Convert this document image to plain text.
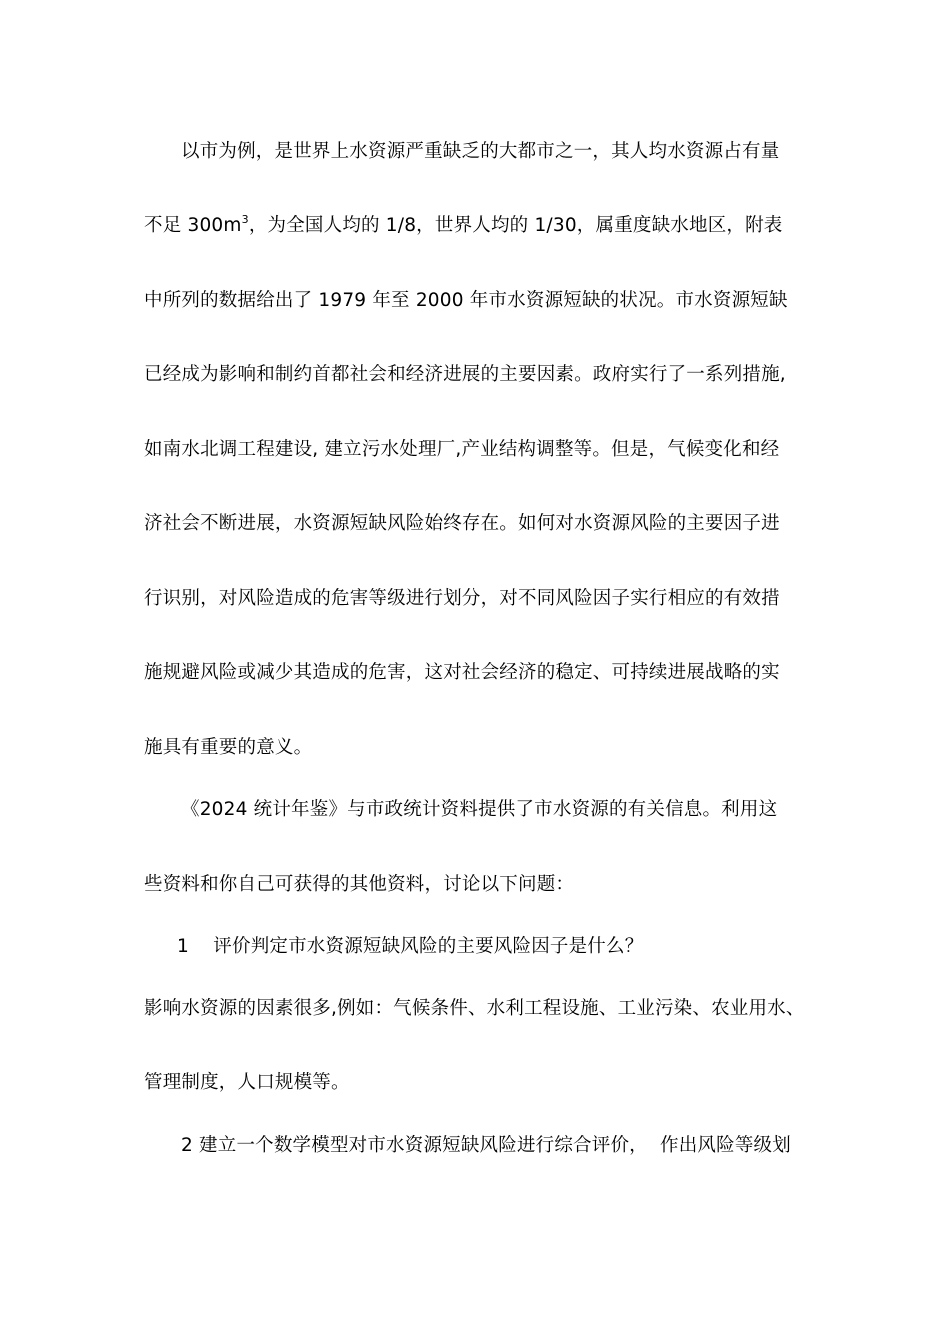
以市为例，是世界上水资源严重缺乏的大都市之一，其人均水资源占有量
不足 $300m^3$，为全国人均的 1/8，世界人均的 1/30，属重度缺水地区，附表
中所列的数据给出了 1979 年至 2000 年市水资源短缺的状况。市水资源短缺
已经成为影响和制约首都社会和经济进展的主要因素。政府实行了一系列措施,
如南水北调工程建设, 建立污水处理厂,产业结构调整等。但是，气候变化和经
济社会不断进展，水资源短缺风险始终存在。如何对水资源风险的主要因子进
行识别，对风险造成的危害等级进行划分，对不同风险因子实行相应的有效措
施规避风险或减少其造成的危害，这对社会经济的稳定、可持续进展战略的实
施具有重要的意义。
《2024 统计年鉴》与市政统计资料提供了市水资源的有关信息。利用这
些资料和你自己可获得的其他资料，讨论以下问题：
1    评价判定市水资源短缺风险的主要风险因子是什么？
影响水资源的因素很多,例如：气候条件、水利工程设施、工业污染、农业用水、
管理制度，人口规模等。
2 建立一个数学模型对市水资源短缺风险进行综合评价，  作出风险等级划
